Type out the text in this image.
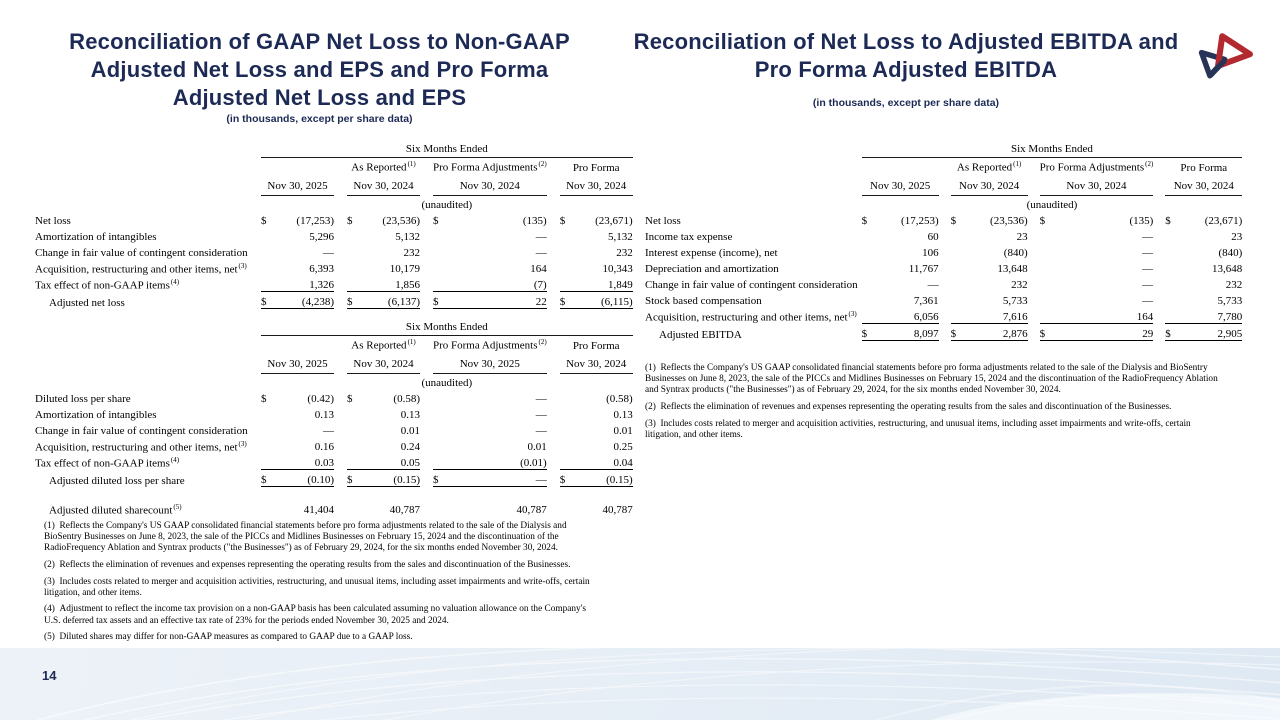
14
Reconciliation of GAAP Net Loss to Non-GAAP Adjusted Net Loss and EPS and Pro Forma Adjusted Net Loss and EPS
(in thousands, except per share data)
	Six Months Ended										
				As Reported$^{(1)}$			Pro Forma Adjustments$^{(2)}$			Pro Forma	
	Nov 30, 2025			Nov 30, 2024			Nov 30, 2024			Nov 30, 2024	
	(unaudited)										
Net loss	$	(17,253)		$	(23,536)		$	(135)		$	(23,671)
Amortization of intangibles		5,296			5,132			—			5,132
Change in fair value of contingent consideration		—			232			—			232
Acquisition, restructuring and other items, net$^{(3)}$		6,393			10,179			164			10,343
Tax effect of non-GAAP items$^{(4)}$		1,326			1,856			(7)			1,849
Adjusted net loss	$	(4,238)		$	(6,137)		$	22		$	(6,115)
	Six Months Ended										
				As Reported$^{(1)}$			Pro Forma Adjustments$^{(2)}$			Pro Forma	
	Nov 30, 2025			Nov 30, 2024			Nov 30, 2025			Nov 30, 2024	
	(unaudited)										
Diluted loss per share	$	(0.42)		$	(0.58)			—			(0.58)
Amortization of intangibles		0.13			0.13			—			0.13
Change in fair value of contingent consideration		—			0.01			—			0.01
Acquisition, restructuring and other items, net$^{(3)}$		0.16			0.24			0.01			0.25
Tax effect of non-GAAP items$^{(4)}$		0.03			0.05			(0.01)			0.04
Adjusted diluted loss per share	$	(0.10)		$	(0.15)		$	—		$	(0.15)

Adjusted diluted sharecount$^{(5)}$		41,404			40,787			40,787			40,787

(1) Reflects the Company's US GAAP consolidated financial statements before pro forma adjustments related to the sale of the Dialysis and BioSentry Businesses on June 8, 2023, the sale of the PICCs and Midlines Businesses on February 15, 2024 and the discontinuation of the RadioFrequency Ablation and Syntrax products ("the Businesses") as of February 29, 2024, for the six months ended November 30, 2024.

(2) Reflects the elimination of revenues and expenses representing the operating results from the sales and discontinuation of the Businesses.

(3) Includes costs related to merger and acquisition activities, restructuring, and unusual items, including asset impairments and write-offs, certain litigation, and other items.

(4) Adjustment to reflect the income tax provision on a non-GAAP basis has been calculated assuming no valuation allowance on the Company's U.S. deferred tax assets and an effective tax rate of 23% for the periods ended November 30, 2025 and 2024.

(5) Diluted shares may differ for non-GAAP measures as compared to GAAP due to a GAAP loss.

Reconciliation of Net Loss to Adjusted EBITDA and Pro Forma Adjusted EBITDA
(in thousands, except per share data)
	Six Months Ended										
				As Reported$^{(1)}$			Pro Forma Adjustments$^{(2)}$			Pro Forma	
	Nov 30, 2025			Nov 30, 2024			Nov 30, 2024			Nov 30, 2024	
	(unaudited)										
Net loss	$	(17,253)		$	(23,536)		$	(135)		$	(23,671)
Income tax expense		60			23			—			23
Interest expense (income), net		106			(840)			—			(840)
Depreciation and amortization		11,767			13,648			—			13,648
Change in fair value of contingent consideration		—			232			—			232
Stock based compensation		7,361			5,733			—			5,733
Acquisition, restructuring and other items, net$^{(3)}$		6,056			7,616			164			7,780
Adjusted EBITDA	$	8,097		$	2,876		$	29		$	2,905

(1) Reflects the Company's US GAAP consolidated financial statements before pro forma adjustments related to the sale of the Dialysis and BioSentry Businesses on June 8, 2023, the sale of the PICCs and Midlines Businesses on February 15, 2024 and the discontinuation of the RadioFrequency Ablation and Syntrax products ("the Businesses") as of February 29, 2024, for the six months ended November 30, 2024.

(2) Reflects the elimination of revenues and expenses representing the operating results from the sales and discontinuation of the Businesses.

(3) Includes costs related to merger and acquisition activities, restructuring, and unusual items, including asset impairments and write-offs, certain litigation, and other items.
